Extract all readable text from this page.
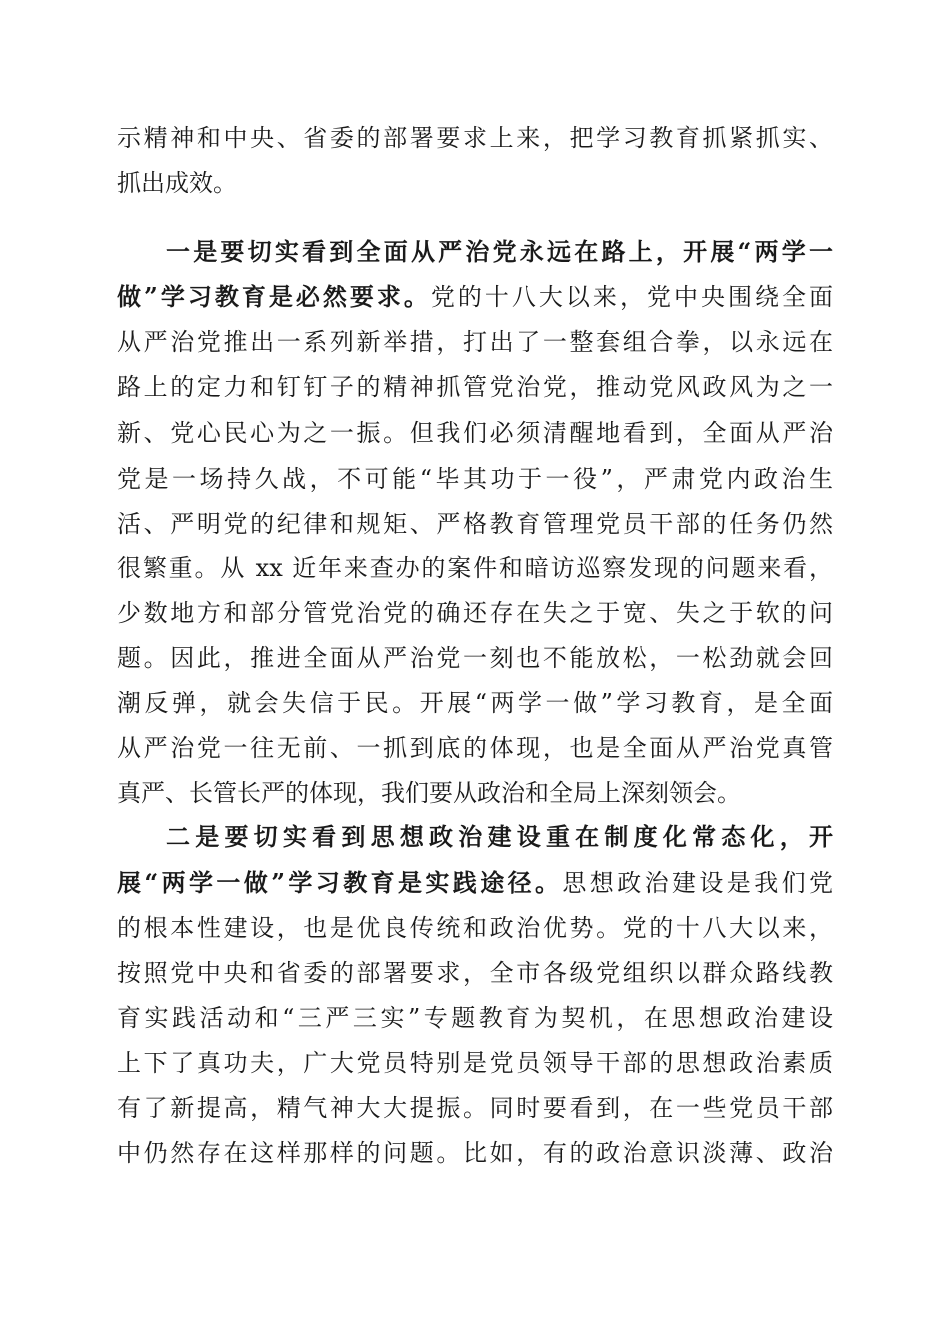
示精神和中央、省委的部署要求上来，把学习教育抓紧抓实、

抓出成效。

一是要切实看到全面从严治党永远在路上，开展“两学一

做”学习教育是必然要求。党的十八大以来，党中央围绕全面

从严治党推出一系列新举措，打出了一整套组合拳，以永远在

路上的定力和钉钉子的精神抓管党治党，推动党风政风为之一

新、党心民心为之一振。但我们必须清醒地看到，全面从严治

党是一场持久战，不可能“毕其功于一役”，严肃党内政治生

活、严明党的纪律和规矩、严格教育管理党员干部的任务仍然

很繁重。从 xx 近年来查办的案件和暗访巡察发现的问题来看，

少数地方和部分管党治党的确还存在失之于宽、失之于软的问

题。因此，推进全面从严治党一刻也不能放松，一松劲就会回

潮反弹，就会失信于民。开展“两学一做”学习教育，是全面

从严治党一往无前、一抓到底的体现，也是全面从严治党真管

真严、长管长严的体现，我们要从政治和全局上深刻领会。

二是要切实看到思想政治建设重在制度化常态化，开

展“两学一做”学习教育是实践途径。思想政治建设是我们党

的根本性建设，也是优良传统和政治优势。党的十八大以来，

按照党中央和省委的部署要求，全市各级党组织以群众路线教

育实践活动和“三严三实”专题教育为契机，在思想政治建设

上下了真功夫，广大党员特别是党员领导干部的思想政治素质

有了新提高，精气神大大提振。同时要看到，在一些党员干部

中仍然存在这样那样的问题。比如，有的政治意识淡薄、政治
